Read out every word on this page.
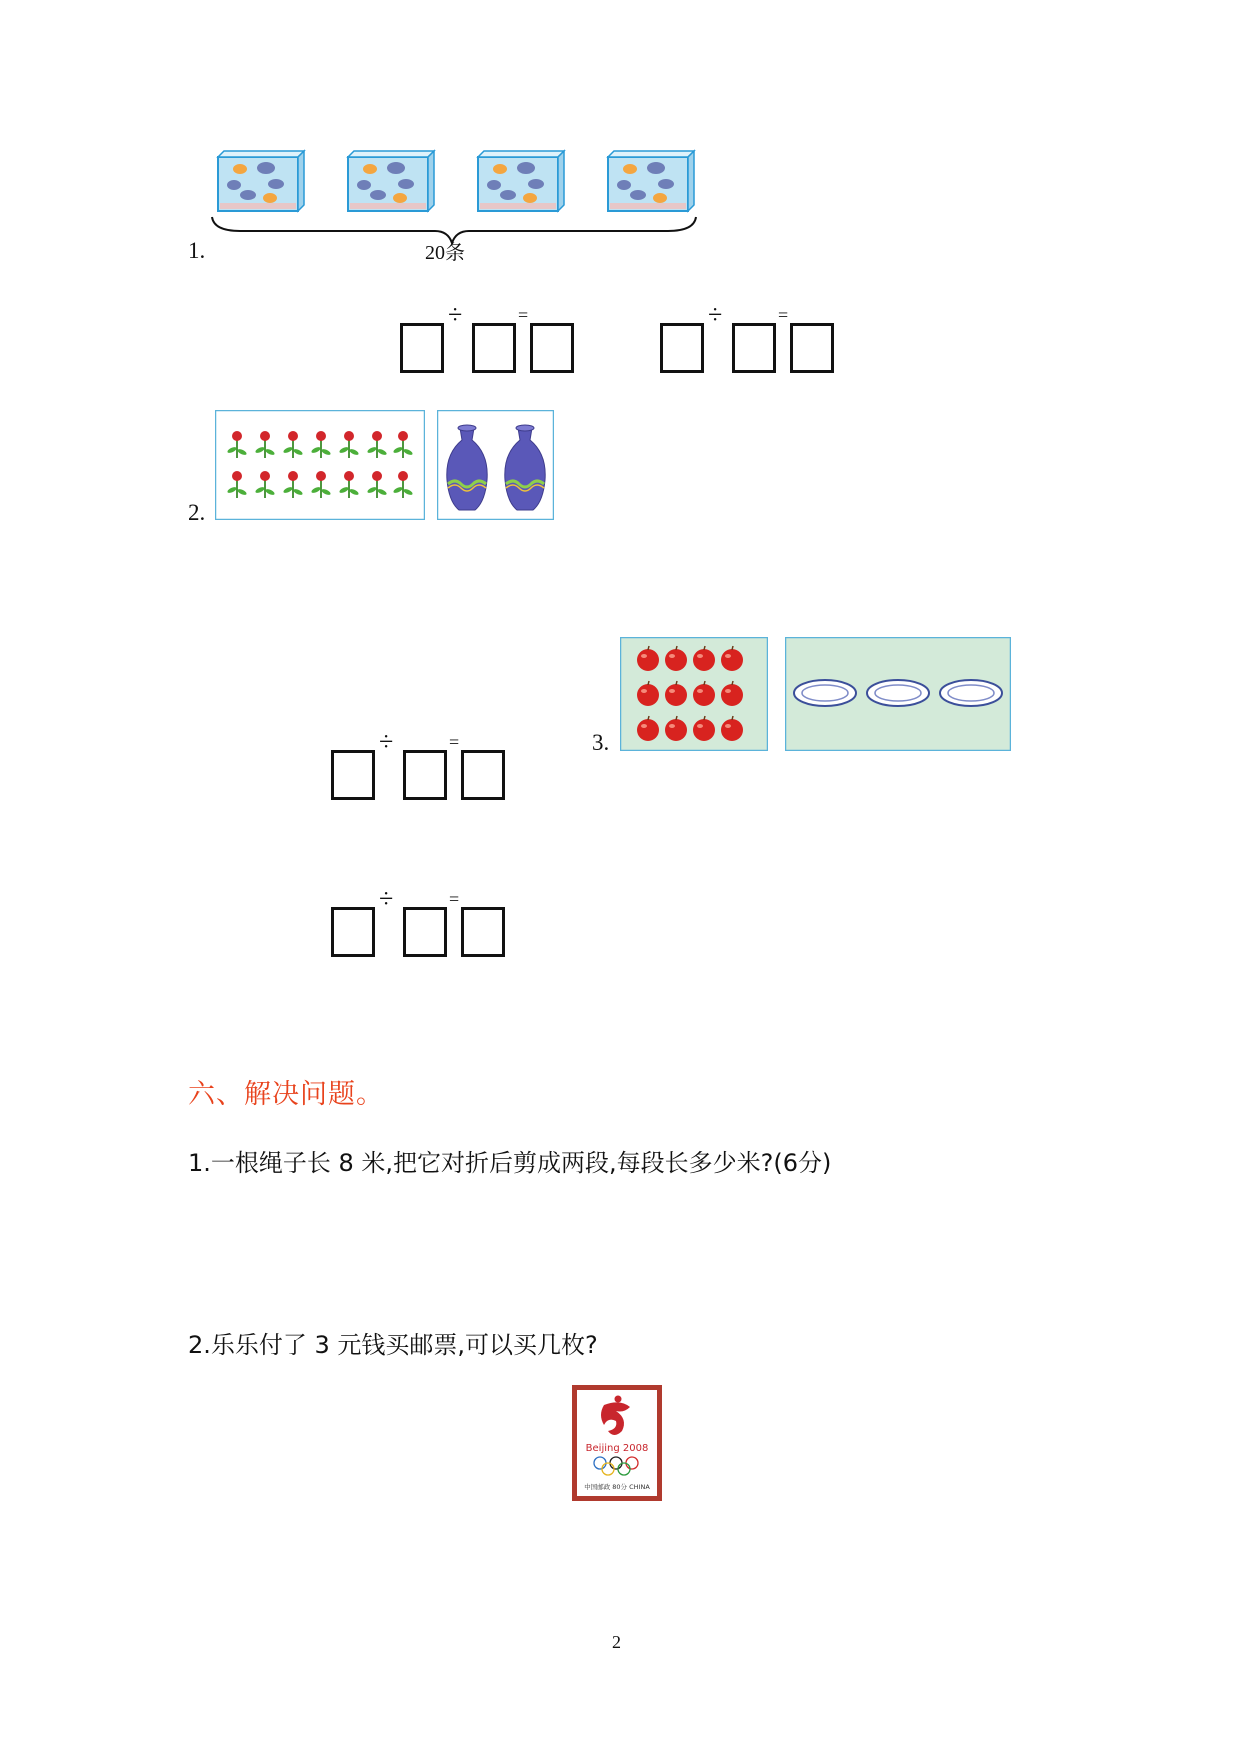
1.	20条
÷	=	÷	=
2.
÷	=	3.
÷	=
六、解决问题。
1.一根绳子长 8 米,把它对折后剪成两段,每段长多少米?(6分)
2.乐乐付了 3 元钱买邮票,可以买几枚?
Beijing 2008
中国邮政 80分 CHINA
2
